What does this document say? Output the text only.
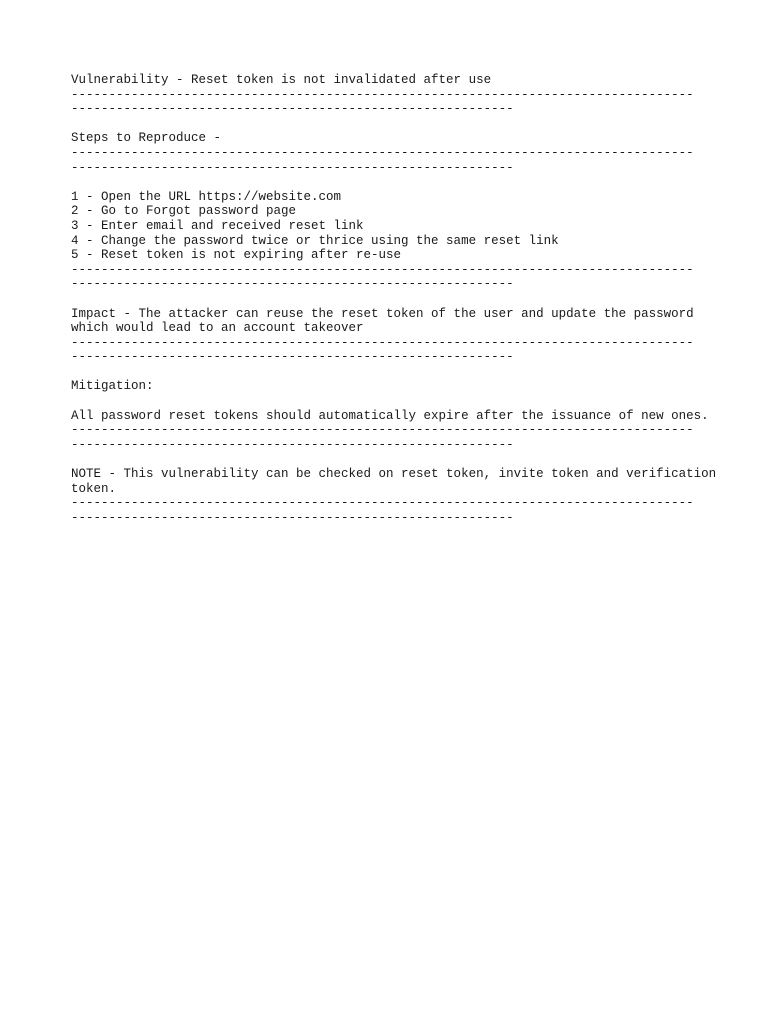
Vulnerability - Reset token is not invalidated after use
-----------------------------------------------------------------------------------
-----------------------------------------------------------
Steps to Reproduce -
-----------------------------------------------------------------------------------
-----------------------------------------------------------
1 - Open the URL https://website.com
2 - Go to Forgot password page
3 - Enter email and received reset link
4 - Change the password twice or thrice using the same reset link
5 - Reset token is not expiring after re-use
-----------------------------------------------------------------------------------
-----------------------------------------------------------
Impact - The attacker can reuse the reset token of the user and update the password which would lead to an account takeover
-----------------------------------------------------------------------------------
-----------------------------------------------------------
Mitigation:
All password reset tokens should automatically expire after the issuance of new ones.
-----------------------------------------------------------------------------------
-----------------------------------------------------------
NOTE - This vulnerability can be checked on reset token, invite token and verification token.
-----------------------------------------------------------------------------------
-----------------------------------------------------------
